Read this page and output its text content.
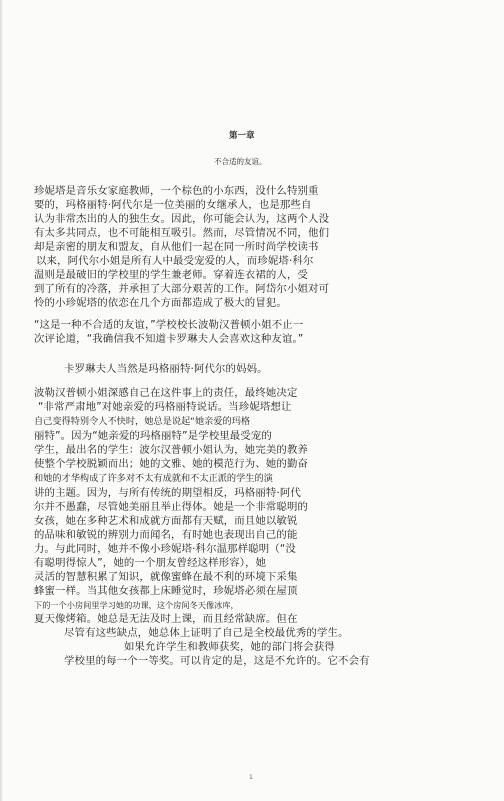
第一章
不合适的友谊。
珍妮塔是音乐女家庭教师，一个棕色的小东西，没什么特别重
要的，玛格丽特·阿代尔是一位美丽的女继承人，也是那些自
认为非常杰出的人的独生女。因此，你可能会认为，这两个人没
有太多共同点，也不可能相互吸引。然而，尽管情况不同，他们
却是亲密的朋友和盟友，自从他们一起在同一所时尚学校读书
以来，阿代尔小姐是所有人中最受宠爱的人，而珍妮塔·科尔
温则是最破旧的学校里的学生兼老师。穿着连衣裙的人，受
到了所有的冷落，并承担了大部分艰苦的工作。阿岱尔小姐对可
怜的小珍妮塔的依恋在几个方面都造成了极大的冒犯。
“这是一种不合适的友谊，”学校校长波勒汉普顿小姐不止一
次评论道，“我确信我不知道卡罗琳夫人会喜欢这种友谊。”
卡罗琳夫人当然是玛格丽特·阿代尔的妈妈。
波勒汉普顿小姐深感自己在这件事上的责任，最终她决定
“非常严肃地”对她亲爱的玛格丽特说话。当珍妮塔想让
自己变得特别令人不快时，她总是说起“她亲爱的玛格
丽特”。因为“她亲爱的玛格丽特”是学校里最受宠的
学生，最出名的学生：波尔汉普顿小姐认为，她完美的教养
使整个学校脱颖而出；她的文雅、她的模范行为、她的勤奋
和她的才华构成了许多对不太有成就和不太正派的学生的演
讲的主题。因为，与所有传统的期望相反，玛格丽特·阿代
尔并不愚蠢，尽管她美丽且举止得体。她是一个非常聪明的
女孩，她在多种艺术和成就方面都有天赋，而且她以敏锐
的品味和敏锐的辨别力而闻名，有时她也表现出自己的能
力。与此同时，她并不像小珍妮塔·科尔温那样聪明（“没
有聪明得惊人”，她的一个朋友曾经这样形容），她
灵活的智慧积累了知识，就像蜜蜂在最不利的环境下采集
蜂蜜一样。当其他女孩都上床睡觉时，珍妮塔必须在屋顶
下的一个小房间里学习她的功课，这个房间冬天像冰库，
夏天像烤箱。她总是无法及时上课，而且经常缺席。但在
尽管有这些缺点，她总体上证明了自己是全校最优秀的学生。
如果允许学生和教师获奖，她的部门将会获得
学校里的每一个一等奖。可以肯定的是，这是不允许的。它不会有
1
